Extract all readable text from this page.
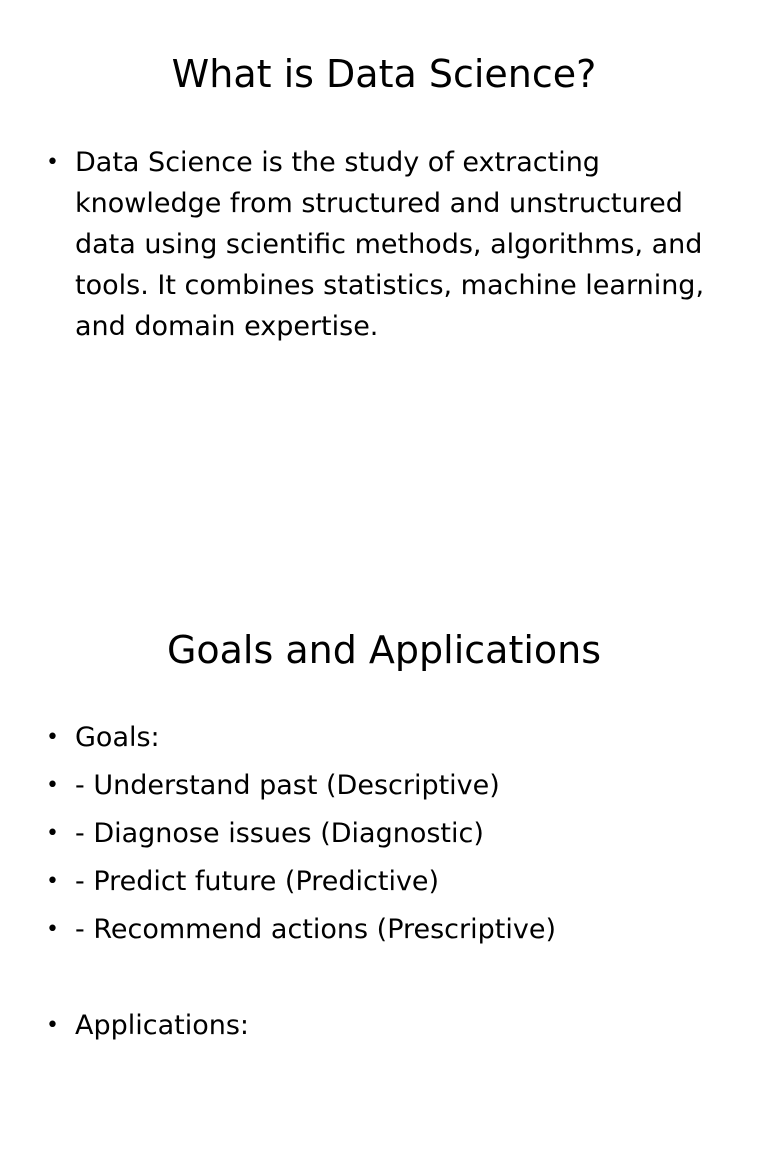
What is Data Science?
• Data Science is the study of extracting knowledge from structured and unstructured data using scientific methods, algorithms, and tools. It combines statistics, machine learning, and domain expertise.
Goals and Applications
• Goals:
• - Understand past (Descriptive)
• - Diagnose issues (Diagnostic)
• - Predict future (Predictive)
• - Recommend actions (Prescriptive)
• Applications:
